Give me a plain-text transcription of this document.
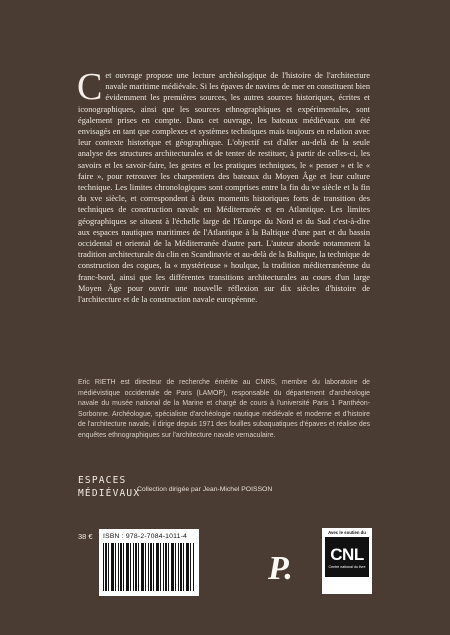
C et ouvrage propose une lecture archéologique de l'histoire de l'architecture navale maritime médiévale. Si les épaves de navires de mer en constituent bien évidemment les premières sources, les autres sources historiques, écrites et iconographiques, ainsi que les sources ethnographiques et expérimentales, sont également prises en compte. Dans cet ouvrage, les bateaux médiévaux ont été envisagés en tant que complexes et systèmes techniques mais toujours en relation avec leur contexte historique et géographique. L'objectif est d'aller au-delà de la seule analyse des structures architecturales et de tenter de restituer, à partir de celles-ci, les savoirs et les savoir-faire, les gestes et les pratiques techniques, le « penser » et le « faire », pour retrouver les charpentiers des bateaux du Moyen Âge et leur culture technique. Les limites chronologiques sont comprises entre la fin du ve siècle et la fin du xve siècle, et correspondent à deux moments historiques forts de transition des techniques de construction navale en Méditerranée et en Atlantique. Les limites géographiques se situent à l'échelle large de l'Europe du Nord et du Sud c'est-à-dire aux espaces nautiques maritimes de l'Atlantique à la Baltique d'une part et du bassin occidental et oriental de la Méditerranée d'autre part. L'auteur aborde notamment la tradition architecturale du clin en Scandinavie et au-delà de la Baltique, la technique de construction des cogues, la « mystérieuse » houlque, la tradition méditerranéenne du franc-bord, ainsi que les différentes transitions architecturales au cours d'un large Moyen Âge pour ouvrir une nouvelle réflexion sur dix siècles d'histoire de l'architecture et de la construction navale européenne.
Eric RIETH est directeur de recherche émérite au CNRS, membre du laboratoire de médiévistique occidentale de Paris (LAMOP), responsable du département d'archéologie navale du musée national de la Marine et chargé de cours à l'université Paris 1 Panthéon-Sorbonne. Archéologue, spécialiste d'archéologie nautique médiévale et moderne et d'histoire de l'architecture navale, il dirige depuis 1971 des fouilles subaquatiques d'épaves et réalise des enquêtes ethnographiques sur l'architecture navale vernaculaire.
ESPACES
MÉDIÉVAUX
Collection dirigée par Jean-Michel POISSON
38 € ISBN : 978-2-7084-1011-4
P.
Avec le soutien du
CNL
Centre national du livre
